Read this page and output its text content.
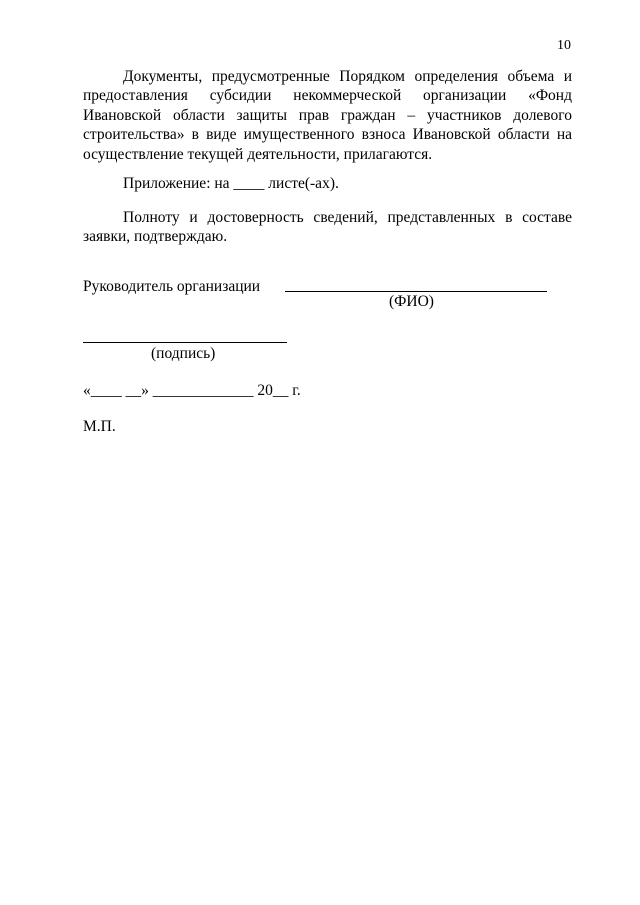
10

Документы, предусмотренные Порядком определения объема и предоставления субсидии некоммерческой организации «Фонд Ивановской области защиты прав граждан – участников долевого строительства» в виде имущественного взноса Ивановской области на осуществление текущей деятельности, прилагаются.

Приложение: на ____ листе(-ах).

Полноту и достоверность сведений, представленных в составе заявки, подтверждаю.

Руководитель организации
(ФИО)
(подпись)
«____ __» _____________ 20__ г.
М.П.
